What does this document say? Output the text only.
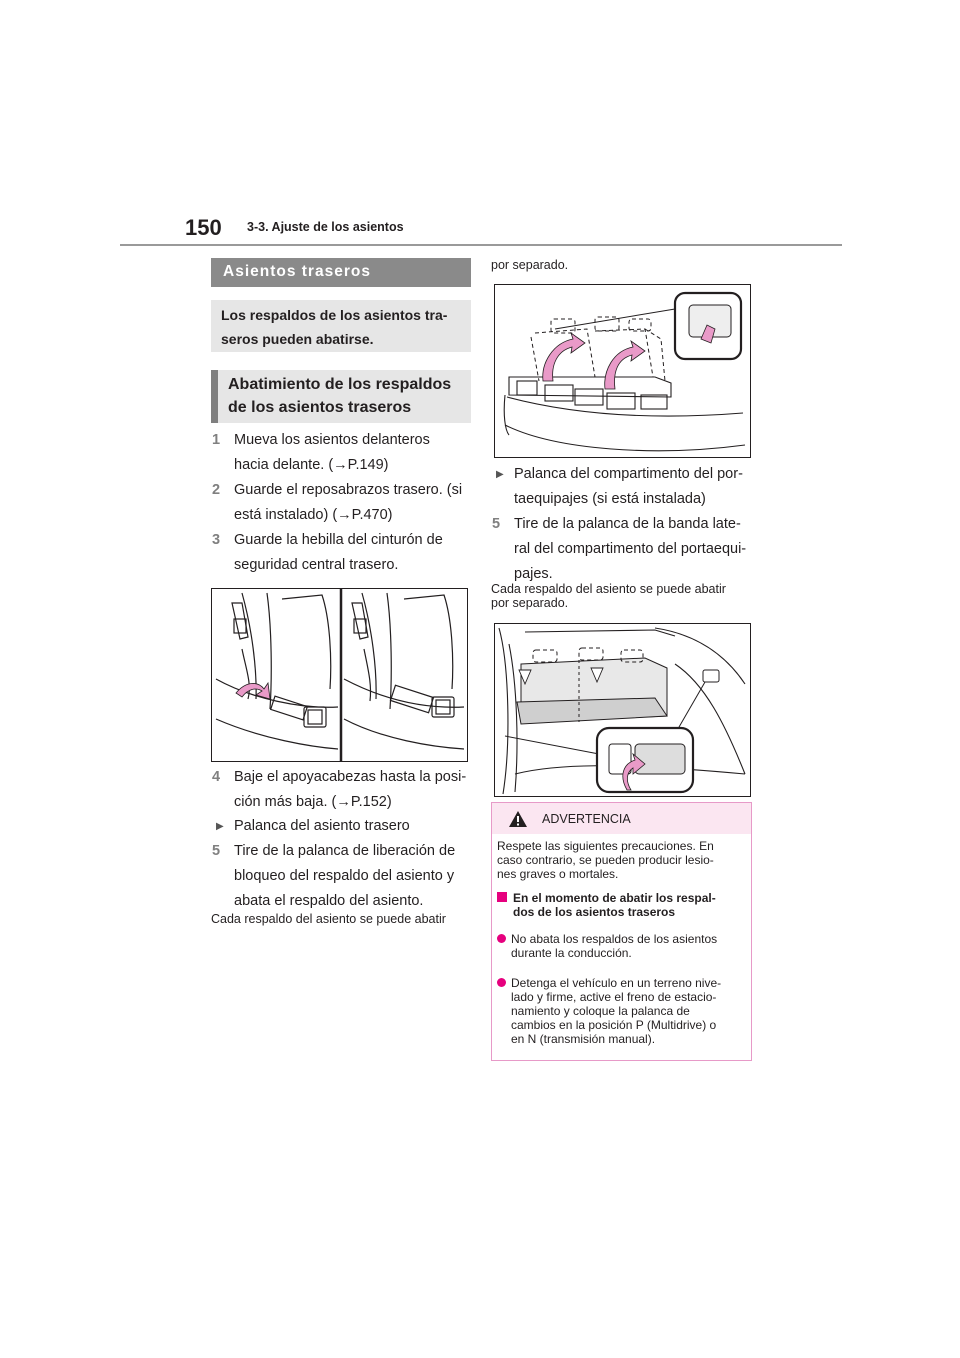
150 3-3. Ajuste de los asientos
Asientos traseros
Los respaldos de los asientos tra-
seros pueden abatirse.
Abatimiento de los respaldos
de los asientos traseros
1 Mueva los asientos delanteros
hacia delante. (→P.149)
2 Guarde el reposabrazos trasero. (si
está instalado) (→P.470)
3 Guarde la hebilla del cinturón de
seguridad central trasero.
4 Baje el apoyacabezas hasta la posi-
ción más baja. (→P.152)
▶ Palanca del asiento trasero
5 Tire de la palanca de liberación de
bloqueo del respaldo del asiento y
abata el respaldo del asiento.
Cada respaldo del asiento se puede abatir
por separado.
▶ Palanca del compartimento del por-
taequipajes (si está instalada)
5 Tire de la palanca de la banda late-
ral del compartimento del portaequi-
pajes.
Cada respaldo del asiento se puede abatir
por separado.
ADVERTENCIA
Respete las siguientes precauciones. En
caso contrario, se pueden producir lesio-
nes graves o mortales.
En el momento de abatir los respal-
dos de los asientos traseros
No abata los respaldos de los asientos
durante la conducción.
Detenga el vehículo en un terreno nive-
lado y firme, active el freno de estacio-
namiento y coloque la palanca de
cambios en la posición P (Multidrive) o
en N (transmisión manual).
